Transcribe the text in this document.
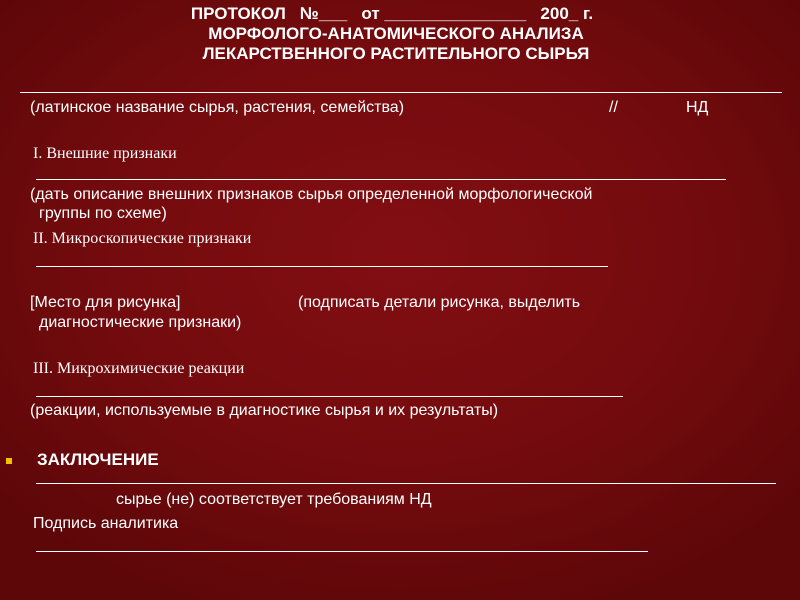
ПРОТОКОЛ   №___   от _______________   200_ г.
МОРФОЛОГО-АНАТОМИЧЕСКОГО АНАЛИЗА
ЛЕКАРСТВЕННОГО РАСТИТЕЛЬНОГО СЫРЬЯ
(латинское название сырья, растения, семейства)	//	НД
I. Внешние признаки
(дать описание внешних признаков сырья определенной морфологической
группы по схеме)
II. Микроскопические признаки
[Место для рисунка]	(подписать детали рисунка, выделить
диагностические признаки)
III. Микрохимические реакции
(реакции, используемые в диагностике сырья и их результаты)
ЗАКЛЮЧЕНИЕ
сырье (не) соответствует требованиям НД
Подпись аналитика
